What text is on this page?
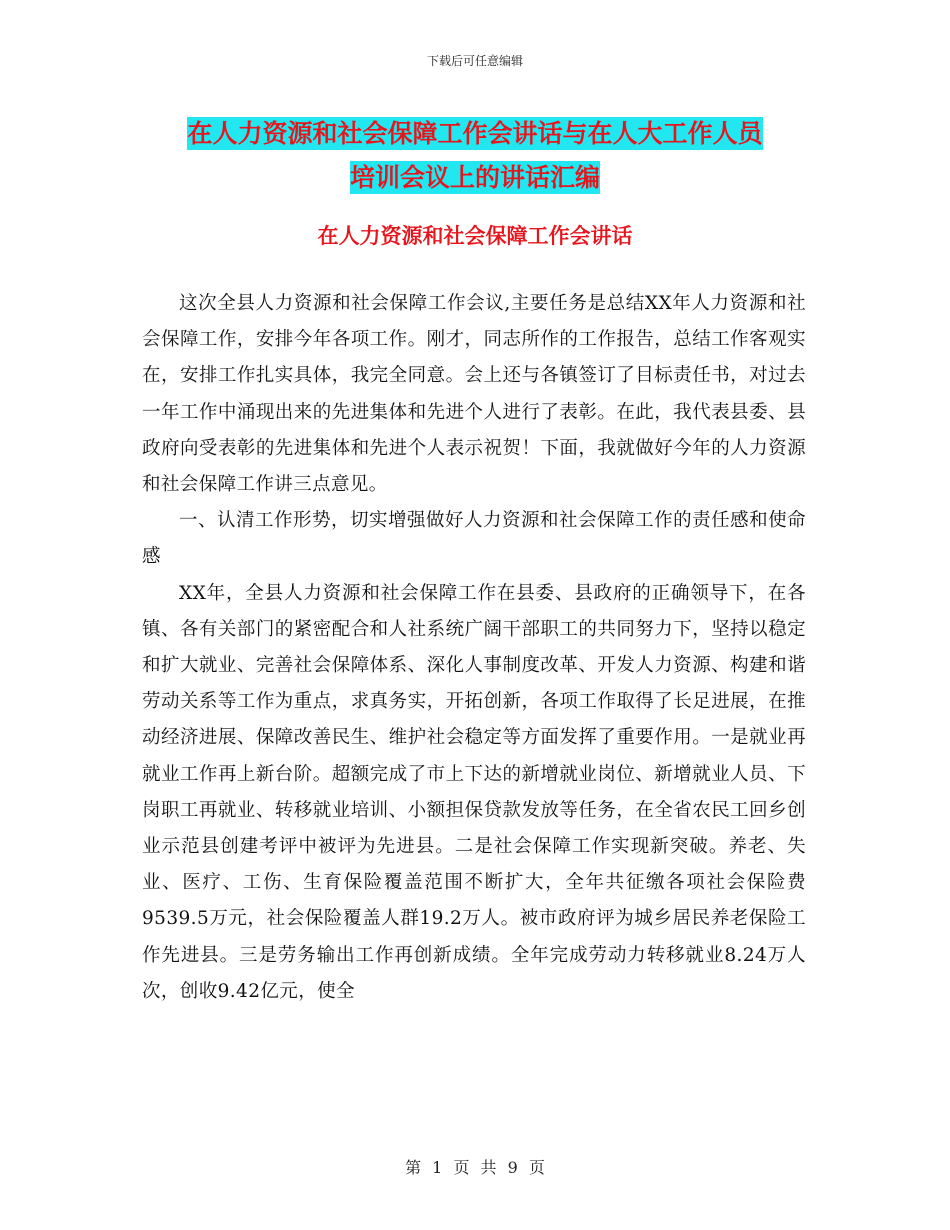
下载后可任意编辑
在人力资源和社会保障工作会讲话与在人大工作人员
培训会议上的讲话汇编
在人力资源和社会保障工作会讲话

这次全县人力资源和社会保障工作会议,主要任务是总结XX年人力资源和社会保障工作，安排今年各项工作。刚才，同志所作的工作报告，总结工作客观实在，安排工作扎实具体，我完全同意。会上还与各镇签订了目标责任书，对过去一年工作中涌现出来的先进集体和先进个人进行了表彰。在此，我代表县委、县政府向受表彰的先进集体和先进个人表示祝贺！下面，我就做好今年的人力资源和社会保障工作讲三点意见。

一、认清工作形势，切实增强做好人力资源和社会保障工作的责任感和使命感

XX年，全县人力资源和社会保障工作在县委、县政府的正确领导下，在各镇、各有关部门的紧密配合和人社系统广阔干部职工的共同努力下，坚持以稳定和扩大就业、完善社会保障体系、深化人事制度改革、开发人力资源、构建和谐劳动关系等工作为重点，求真务实，开拓创新，各项工作取得了长足进展，在推动经济进展、保障改善民生、维护社会稳定等方面发挥了重要作用。一是就业再就业工作再上新台阶。超额完成了市上下达的新增就业岗位、新增就业人员、下岗职工再就业、转移就业培训、小额担保贷款发放等任务，在全省农民工回乡创业示范县创建考评中被评为先进县。二是社会保障工作实现新突破。养老、失业、医疗、工伤、生育保险覆盖范围不断扩大，全年共征缴各项社会保险费9539.5万元，社会保险覆盖人群19.2万人。被市政府评为城乡居民养老保险工作先进县。三是劳务输出工作再创新成绩。全年完成劳动力转移就业8.24万人次，创收9.42亿元，使全

第 1 页 共 9 页
